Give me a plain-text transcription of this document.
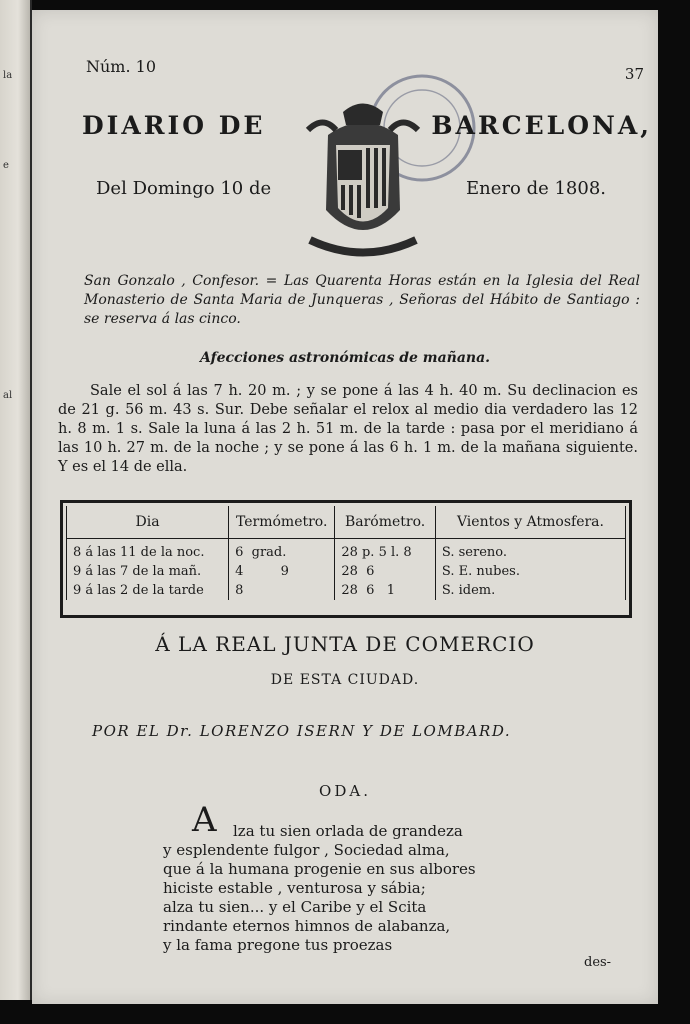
la
e
al
Núm. 10	37
DIARIO DE	BARCELONA,
Del Domingo 10 de	Enero de 1808.
San Gonzalo , Confesor. = Las Quarenta Horas están en la Iglesia del Real Monasterio de Santa Maria de Junqueras , Señoras del Hábito de Santiago : se reserva á las cinco.
Afecciones astronómicas de mañana.
Sale el sol á las 7 h. 20 m. ; y se pone á las 4 h. 40 m. Su declinacion es de 21 g. 56 m. 43 s. Sur. Debe señalar el relox al medio dia verdadero las 12 h. 8 m. 1 s. Sale la luna á las 2 h. 51 m. de la tarde : pasa por el meridiano á las 10 h. 27 m. de la noche ; y se pone á las 6 h. 1 m. de la mañana siguiente. Y es el 14 de ella.
Dia	Termómetro.	Barómetro.	Vientos y Atmosfera.
8 á las 11 de la noc.	6  grad.	28 p. 5 l. 8	S. sereno.
9 á las 7 de la mañ.	4         9	28  6	S. E. nubes.
9 á las 2 de la tarde	8	28  6   1	S. idem.
Á LA REAL JUNTA DE COMERCIO
DE ESTA CIUDAD.
POR EL Dr. LORENZO ISERN Y DE LOMBARD.
ODA.
A	lza tu sien orlada de grandeza
y esplendente fulgor , Sociedad alma,
que á la humana progenie en sus albores
hiciste estable , venturosa y sábia;
alza tu sien... y el Caribe y el Scita
rindante eternos himnos de alabanza,
y la fama pregone tus proezas
des-
